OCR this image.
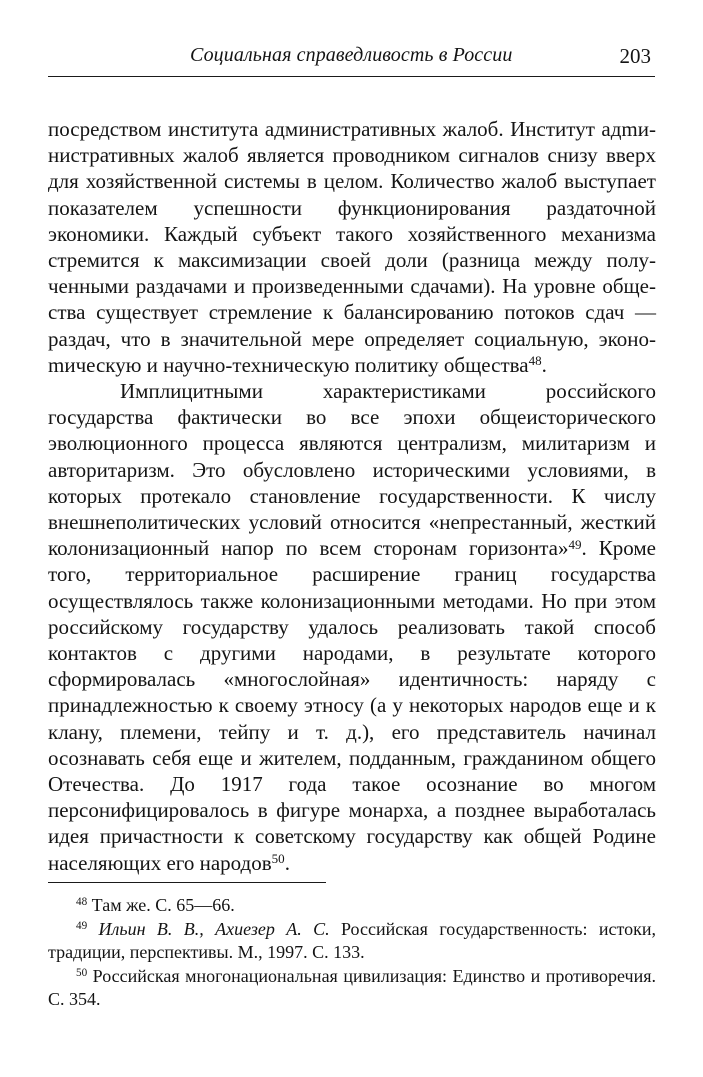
Социальная справедливость в России	203

посредством института административных жалоб. Институт адmинистративных жалоб является проводником сигналов снизу вверх для хозяйственной системы в целом. Количество жалоб выступает показателем успешности функционирования раздаточной экономики. Каждый субъект такого хозяйственного механизма стремится к максимизации своей доли (разница между полученными раздачами и произведенными сдачами). На уровне общества существует стремление к балансированию потоков сдач — раздач, что в значительной мере определяет социальную, эконоmическую и научно-техническую политику общества$^{48}$.

Имплицитными характеристиками российского государства фактически во все эпохи общеисторического эволюционного процесса являются централизм, милитаризм и авторитаризм. Это обусловлено историческими условиями, в которых протекало становление государственности. К числу внешнеполитических условий относится «непрестанный, жесткий колонизационный напор по всем сторонам горизонта»$^{49}$. Кроме того, территориальное расширение границ государства осуществлялось также колонизационными методами. Но при этом российскому государству удалось реализовать такой способ контактов с другими народами, в результате которого сформировалась «многослойная» идентичность: наряду с принадлежностью к своему этносу (а у некоторых народов еще и к клану, племени, тейпу и т. д.), его представитель начинал осознавать себя еще и жителем, подданным, гражданином общего Отечества. До 1917 года такое осознание во многом персонифицировалось в фигуре монарха, а позднее выработалась идея причастности к советскому государству как общей Родине населяющих его народов$^{50}$.

$^{48}$ Там же. С. 65—66.

$^{49}$ Ильин В. В., Ахиезер А. С. Российская государственность: истоки, традиции, перспективы. М., 1997. С. 133.

$^{50}$ Российская многонациональная цивилизация: Единство и противоречия. С. 354.
